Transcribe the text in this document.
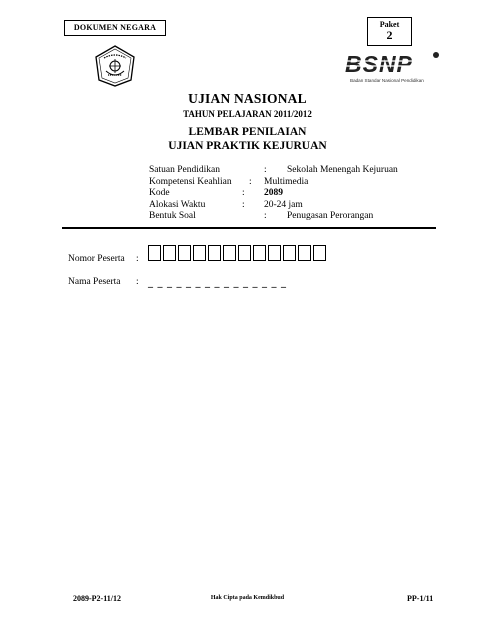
DOKUMEN NEGARA	Paket
2
BSNP
Badan Standar Nasional Pendidikan
UJIAN NASIONAL
TAHUN PELAJARAN 2011/2012
LEMBAR PENILAIAN
UJIAN PRAKTIK KEJURUAN
Satuan Pendidikan	: Sekolah Menengah Kejuruan
Kompetensi Keahlian : Multimedia
Kode	: 2089
Alokasi Waktu	: 20-24 jam
Bentuk Soal	: Penugasan Perorangan
Nomor Peserta :
Nama Peserta : _ _ _ _ _ _ _ _ _ _ _ _ _ _ _
2089-P2-11/12	Hak Cipta pada Kemdikbud	PP-1/11
